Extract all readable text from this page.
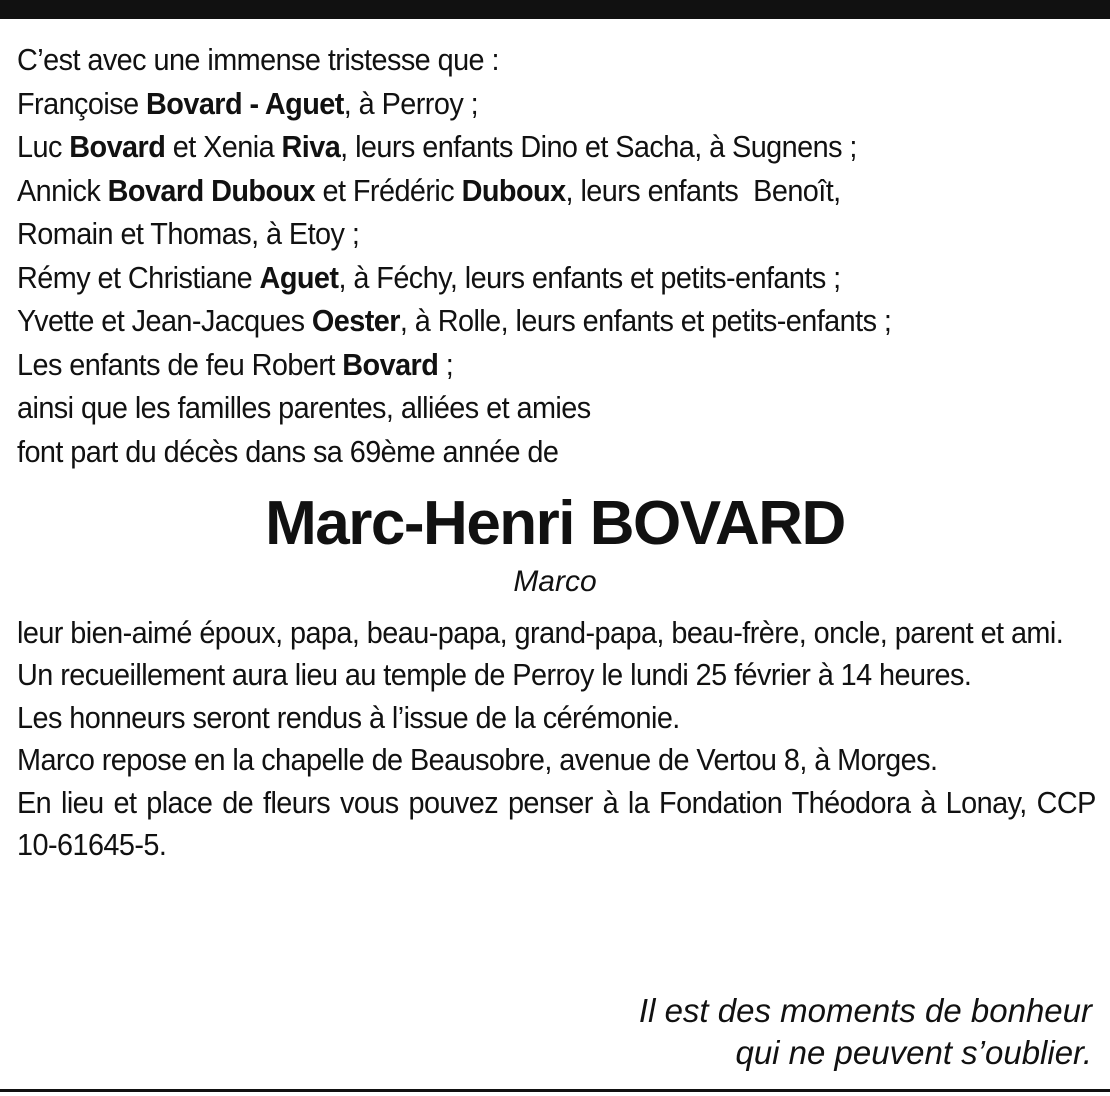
C’est avec une immense tristesse que :
Françoise Bovard - Aguet, à Perroy ;
Luc Bovard et Xenia Riva, leurs enfants Dino et Sacha, à Sugnens ;
Annick Bovard Duboux et Frédéric Duboux, leurs enfants  Benoît,
Romain et Thomas, à Etoy ;
Rémy et Christiane Aguet, à Féchy, leurs enfants et petits-enfants ;
Yvette et Jean-Jacques Oester, à Rolle, leurs enfants et petits-enfants ;
Les enfants de feu Robert Bovard ;
ainsi que les familles parentes, alliées et amies
font part du décès dans sa 69ème année de
Marc-Henri BOVARD
Marco

leur bien-aimé époux, papa, beau-papa, grand-papa, beau-frère, oncle, parent et ami.

Un recueillement aura lieu au temple de Perroy le lundi 25 février à 14 heures.

Les honneurs seront rendus à l’issue de la cérémonie.

Marco repose en la chapelle de Beausobre, avenue de Vertou 8, à Morges.

En lieu et place de fleurs vous pouvez penser à la Fondation Théodora à Lonay, CCP 10-61645-5.

Il est des moments de bonheur
qui ne peuvent s’oublier.
